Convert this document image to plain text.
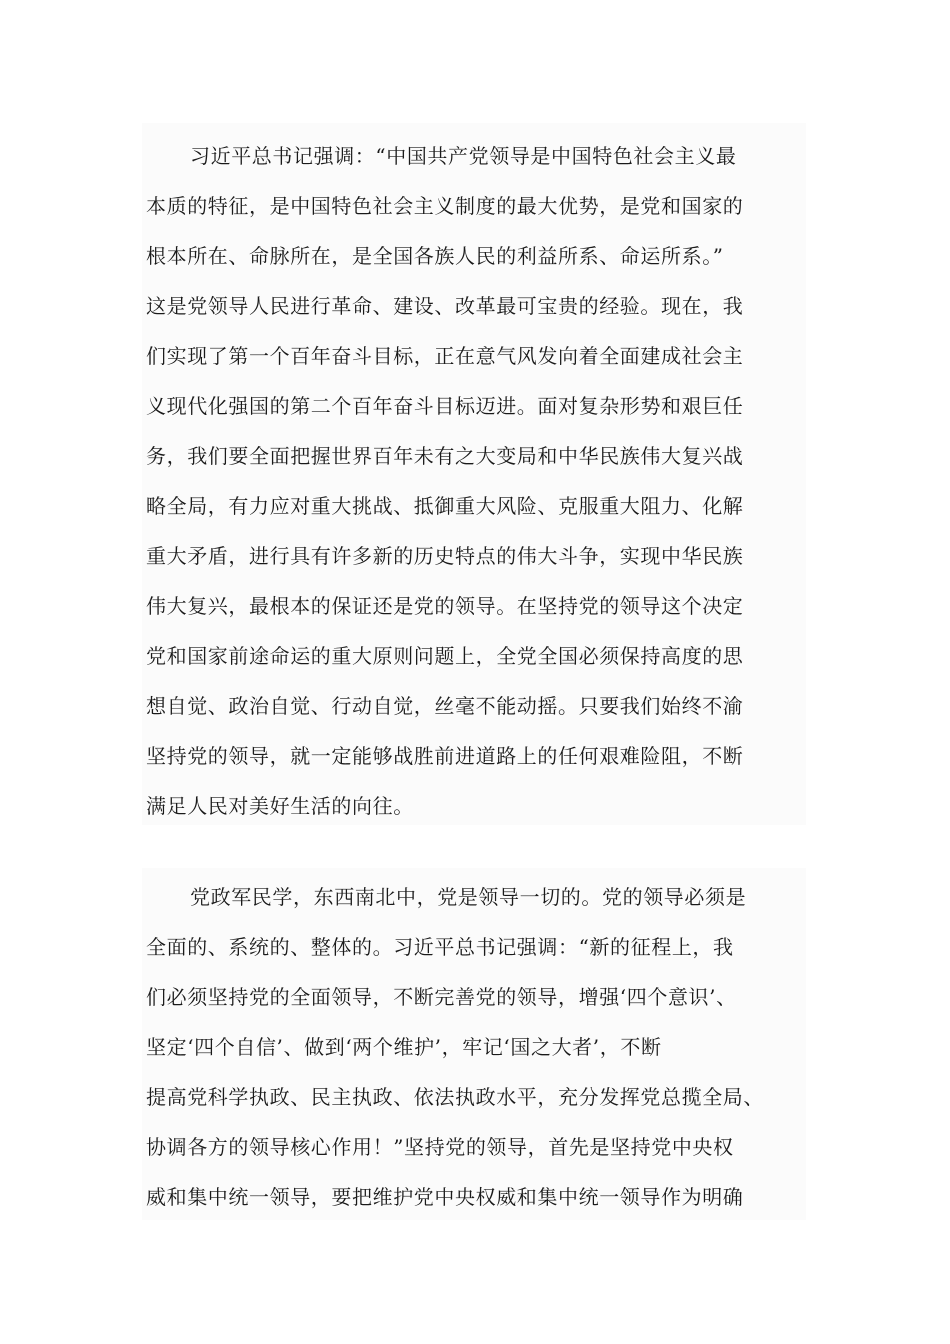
习近平总书记强调：“中国共产党领导是中国特色社会主义最
本质的特征，是中国特色社会主义制度的最大优势，是党和国家的
根本所在、命脉所在，是全国各族人民的利益所系、命运所系。”
这是党领导人民进行革命、建设、改革最可宝贵的经验。现在，我
们实现了第一个百年奋斗目标，正在意气风发向着全面建成社会主
义现代化强国的第二个百年奋斗目标迈进。面对复杂形势和艰巨任
务，我们要全面把握世界百年未有之大变局和中华民族伟大复兴战
略全局，有力应对重大挑战、抵御重大风险、克服重大阻力、化解
重大矛盾，进行具有许多新的历史特点的伟大斗争，实现中华民族
伟大复兴，最根本的保证还是党的领导。在坚持党的领导这个决定
党和国家前途命运的重大原则问题上，全党全国必须保持高度的思
想自觉、政治自觉、行动自觉，丝毫不能动摇。只要我们始终不渝
坚持党的领导，就一定能够战胜前进道路上的任何艰难险阻，不断
满足人民对美好生活的向往。
党政军民学，东西南北中，党是领导一切的。党的领导必须是
全面的、系统的、整体的。习近平总书记强调：“新的征程上，我
们必须坚持党的全面领导，不断完善党的领导，增强‘四个意识’、
坚定‘四个自信’、做到‘两个维护’，牢记‘国之大者’，不断
提高党科学执政、民主执政、依法执政水平，充分发挥党总揽全局、
协调各方的领导核心作用！”坚持党的领导，首先是坚持党中央权
威和集中统一领导，要把维护党中央权威和集中统一领导作为明确
